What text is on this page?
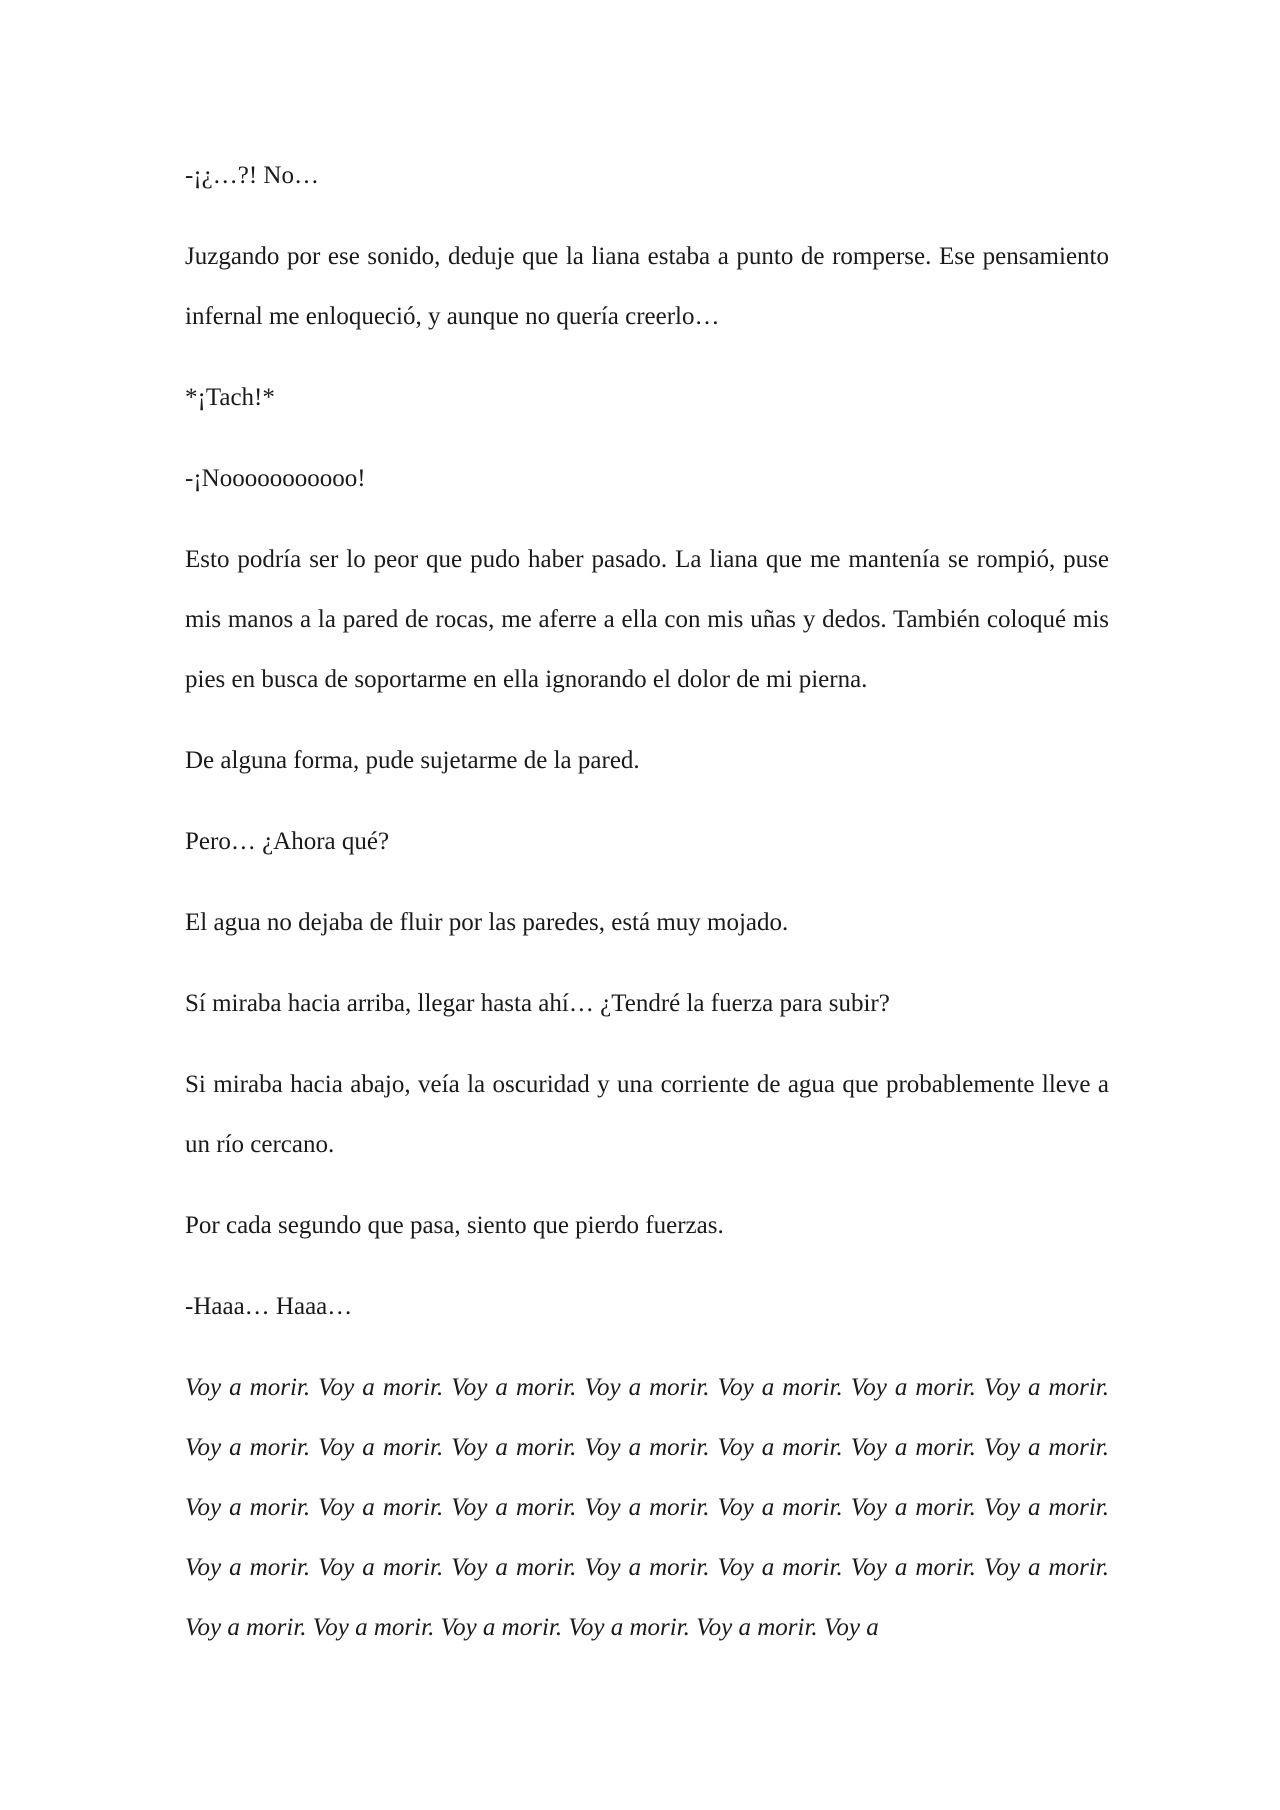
-¡¿…?! No…

Juzgando por ese sonido, deduje que la liana estaba a punto de romperse. Ese pensamiento infernal me enloqueció, y aunque no quería creerlo…

*¡Tach!*

-¡Nooooooooooo!

Esto podría ser lo peor que pudo haber pasado. La liana que me mantenía se rompió, puse mis manos a la pared de rocas, me aferre a ella con mis uñas y dedos. También coloqué mis pies en busca de soportarme en ella ignorando el dolor de mi pierna.

De alguna forma, pude sujetarme de la pared.

Pero… ¿Ahora qué?

El agua no dejaba de fluir por las paredes, está muy mojado.

Sí miraba hacia arriba, llegar hasta ahí… ¿Tendré la fuerza para subir?

Si miraba hacia abajo, veía la oscuridad y una corriente de agua que probablemente lleve a un río cercano.

Por cada segundo que pasa, siento que pierdo fuerzas.

-Haaa… Haaa…

Voy a morir. Voy a morir. Voy a morir. Voy a morir. Voy a morir. Voy a morir. Voy a morir. Voy a morir. Voy a morir. Voy a morir. Voy a morir. Voy a morir. Voy a morir. Voy a morir. Voy a morir. Voy a morir. Voy a morir. Voy a morir. Voy a morir. Voy a morir. Voy a morir. Voy a morir. Voy a morir. Voy a morir. Voy a morir. Voy a morir. Voy a morir. Voy a morir. Voy a morir. Voy a morir. Voy a morir. Voy a morir. Voy a morir. Voy a
